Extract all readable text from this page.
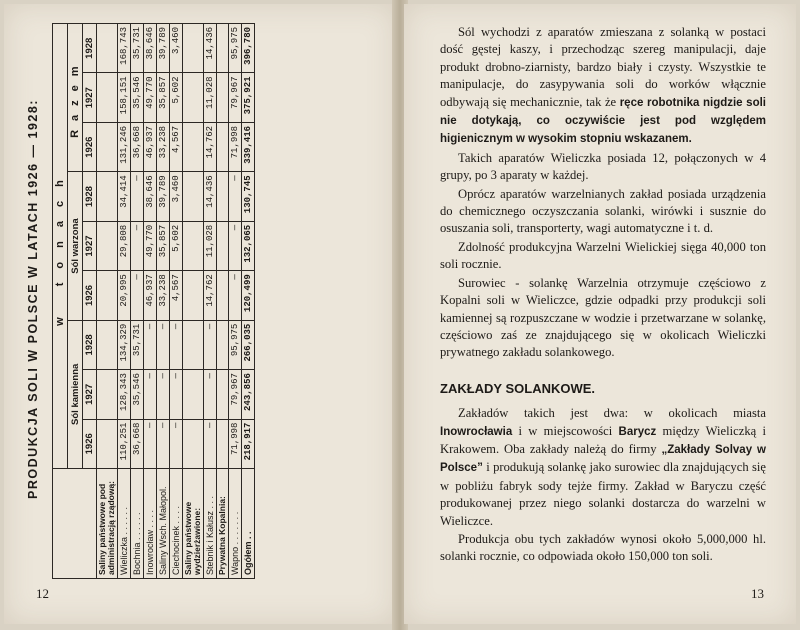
PRODUKCJA SOLI W POLSCE W LATACH 1926 — 1928:
	w tonach								
	Sól kamienna			Sól warzona			Razem		
	1926	1927	1928	1926	1927	1928	1926	1927	1928
Saliny państwowe pod administracją rządową:									
Wieliczka . . . . . .	110,251	128,343	134,329	20,995	29,808	34,414	131,246	158,151	168,743
Bochnia . . . . . .	36,668	35,546	35,731	—	—	—	36,668	35,546	35,731
Inowrocław . . . .	—	—	—	46,937	49,770	38,646	46,937	49,770	38,646
Saliny Wsch. Małopol.	—	—	—	33,238	35,857	39,789	33,238	35,857	39,789
Ciechocinek . . . .	—	—	—	4,567	5,602	3,460	4,567	5,602	3,460
Saliny państwowe wydzierżawione:									
Stebnik i Kałusz . . .	—	—	—	14,762	11,028	14,436	14,762	11,028	14,436
Prywatna Kopalnia:									
Wapno . . . . . . .	71,998	79,967	95,975	—	—	—	71,998	79,967	95,975
Ogółem . .	218,917	243,856	266,035	120,499	132,065	130,745	339,416	375,921	396,780
12

Sól wychodzi z aparatów zmieszana z solanką w postaci dość gęstej kaszy, i przechodząc szereg manipulacji, daje produkt drobno-ziarnisty, bardzo biały i czysty. Wszystkie te manipulacje, do zasypywania soli do worków włącznie odbywają się mechanicznie, tak że ręce robotnika nigdzie soli nie dotykają, co oczywiście jest pod względem higienicznym w wysokim stopniu wskazanem.

Takich aparatów Wieliczka posiada 12, połączonych w 4 grupy, po 3 aparaty w każdej.

Oprócz aparatów warzelnianych zakład posiada urządzenia do chemicznego oczyszczania solanki, wirówki i susznie do osuszania soli, transporterty, wagi automatyczne i t. d.

Zdolność produkcyjna Warzelni Wielickiej sięga 40,000 ton soli rocznie.

Surowiec - solankę Warzelnia otrzymuje częściowo z Kopalni soli w Wieliczce, gdzie odpadki przy produkcji soli kamiennej są rozpuszczane w wodzie i przetwarzane w solankę, częściowo zaś ze znajdującego się w okolicach Wieliczki prywatnego zakładu solankowego.

ZAKŁADY SOLANKOWE.

Zakładów takich jest dwa: w okolicach miasta Inowrocławia i w miejscowości Barycz między Wieliczką i Krakowem. Oba zakłady należą do firmy „Zakłady Solvay w Polsce” i produkują solankę jako surowiec dla znajdujących się w pobliżu fabryk sody tejże firmy. Zakład w Baryczu część produkowanej przez niego solanki dostarcza do warzelni w Wieliczce.

Produkcja obu tych zakładów wynosi około 5,000,000 hl. solanki rocznie, co odpowiada około 150,000 ton soli.

13
